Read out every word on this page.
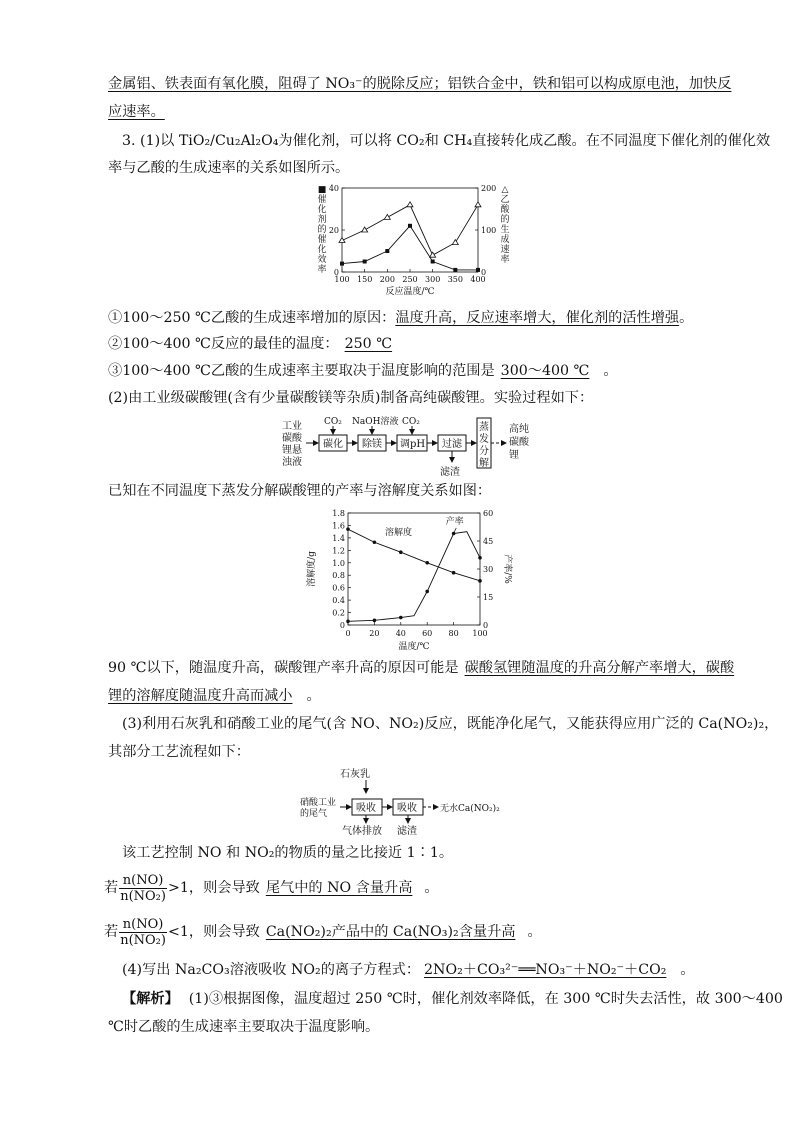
金属铝、铁表面有氧化膜，阻碍了 NO₃⁻的脱除反应；铝铁合金中，铁和铝可以构成原电池，加快反
应速率。
3. (1)以 TiO₂/Cu₂Al₂O₄为催化剂，可以将 CO₂和 CH₄直接转化成乙酸。在不同温度下催化剂的催化效
率与乙酸的生成速率的关系如图所示。
100 150 200 250 300 350 400
0
20
40
0
100
200
反应温度/℃
■
催
化
剂
的
催
化
效
率
△
乙
酸
的
生
成
速
率
①100～250 ℃乙酸的生成速率增加的原因：温度升高，反应速率增大，催化剂的活性增强。
②100～400 ℃反应的最佳的温度： 250 ℃
③100～400 ℃乙酸的生成速率主要取决于温度影响的范围是 300～400 ℃ 。
(2)由工业级碳酸锂(含有少量碳酸镁等杂质)制备高纯碳酸锂。实验过程如下：
工业
碳酸
锂悬
浊液
碳化 除镁 调pH 过滤
蒸
发
分
解
高纯
碳酸
锂
CO₂ NaOH溶液 CO₂
滤渣
已知在不同温度下蒸发分解碳酸锂的产率与溶解度关系如图：
0 20 40 60 80 100
0
0.2
0.4
0.6
0.8
1.0
1.2
1.4
1.6
1.8
0
15
30
45
60
温度/℃
溶解度/g	产率/%
溶解度
产率
90 ℃以下，随温度升高，碳酸锂产率升高的原因可能是 碳酸氢锂随温度的升高分解产率增大，碳酸
锂的溶解度随温度升高而减小 。
(3)利用石灰乳和硝酸工业的尾气(含 NO、NO₂)反应，既能净化尾气，又能获得应用广泛的 Ca(NO₂)₂，
其部分工艺流程如下：
石灰乳
硝酸工业
的尾气	吸收 吸收	无水Ca(NO₂)₂
气体排放 滤渣
该工艺控制 NO 和 NO₂的物质的量之比接近 1∶1。
若 $\frac{n(NO)}{\text{n(NO₂)}} >1$，则会导致 尾气中的 NO 含量升高 。
若 $\frac{n(NO)}{\text{n(NO₂)}} <1$，则会导致 Ca(NO₂)₂产品中的 Ca(NO₃)₂含量升高 。
(4)写出 Na₂CO₃溶液吸收 NO₂的离子方程式： 2NO₂＋CO₃²⁻══NO₃⁻＋NO₂⁻＋CO₂ 。
【解析】 (1)③根据图像，温度超过 250 ℃时，催化剂效率降低，在 300 ℃时失去活性，故 300～400
℃时乙酸的生成速率主要取决于温度影响。
